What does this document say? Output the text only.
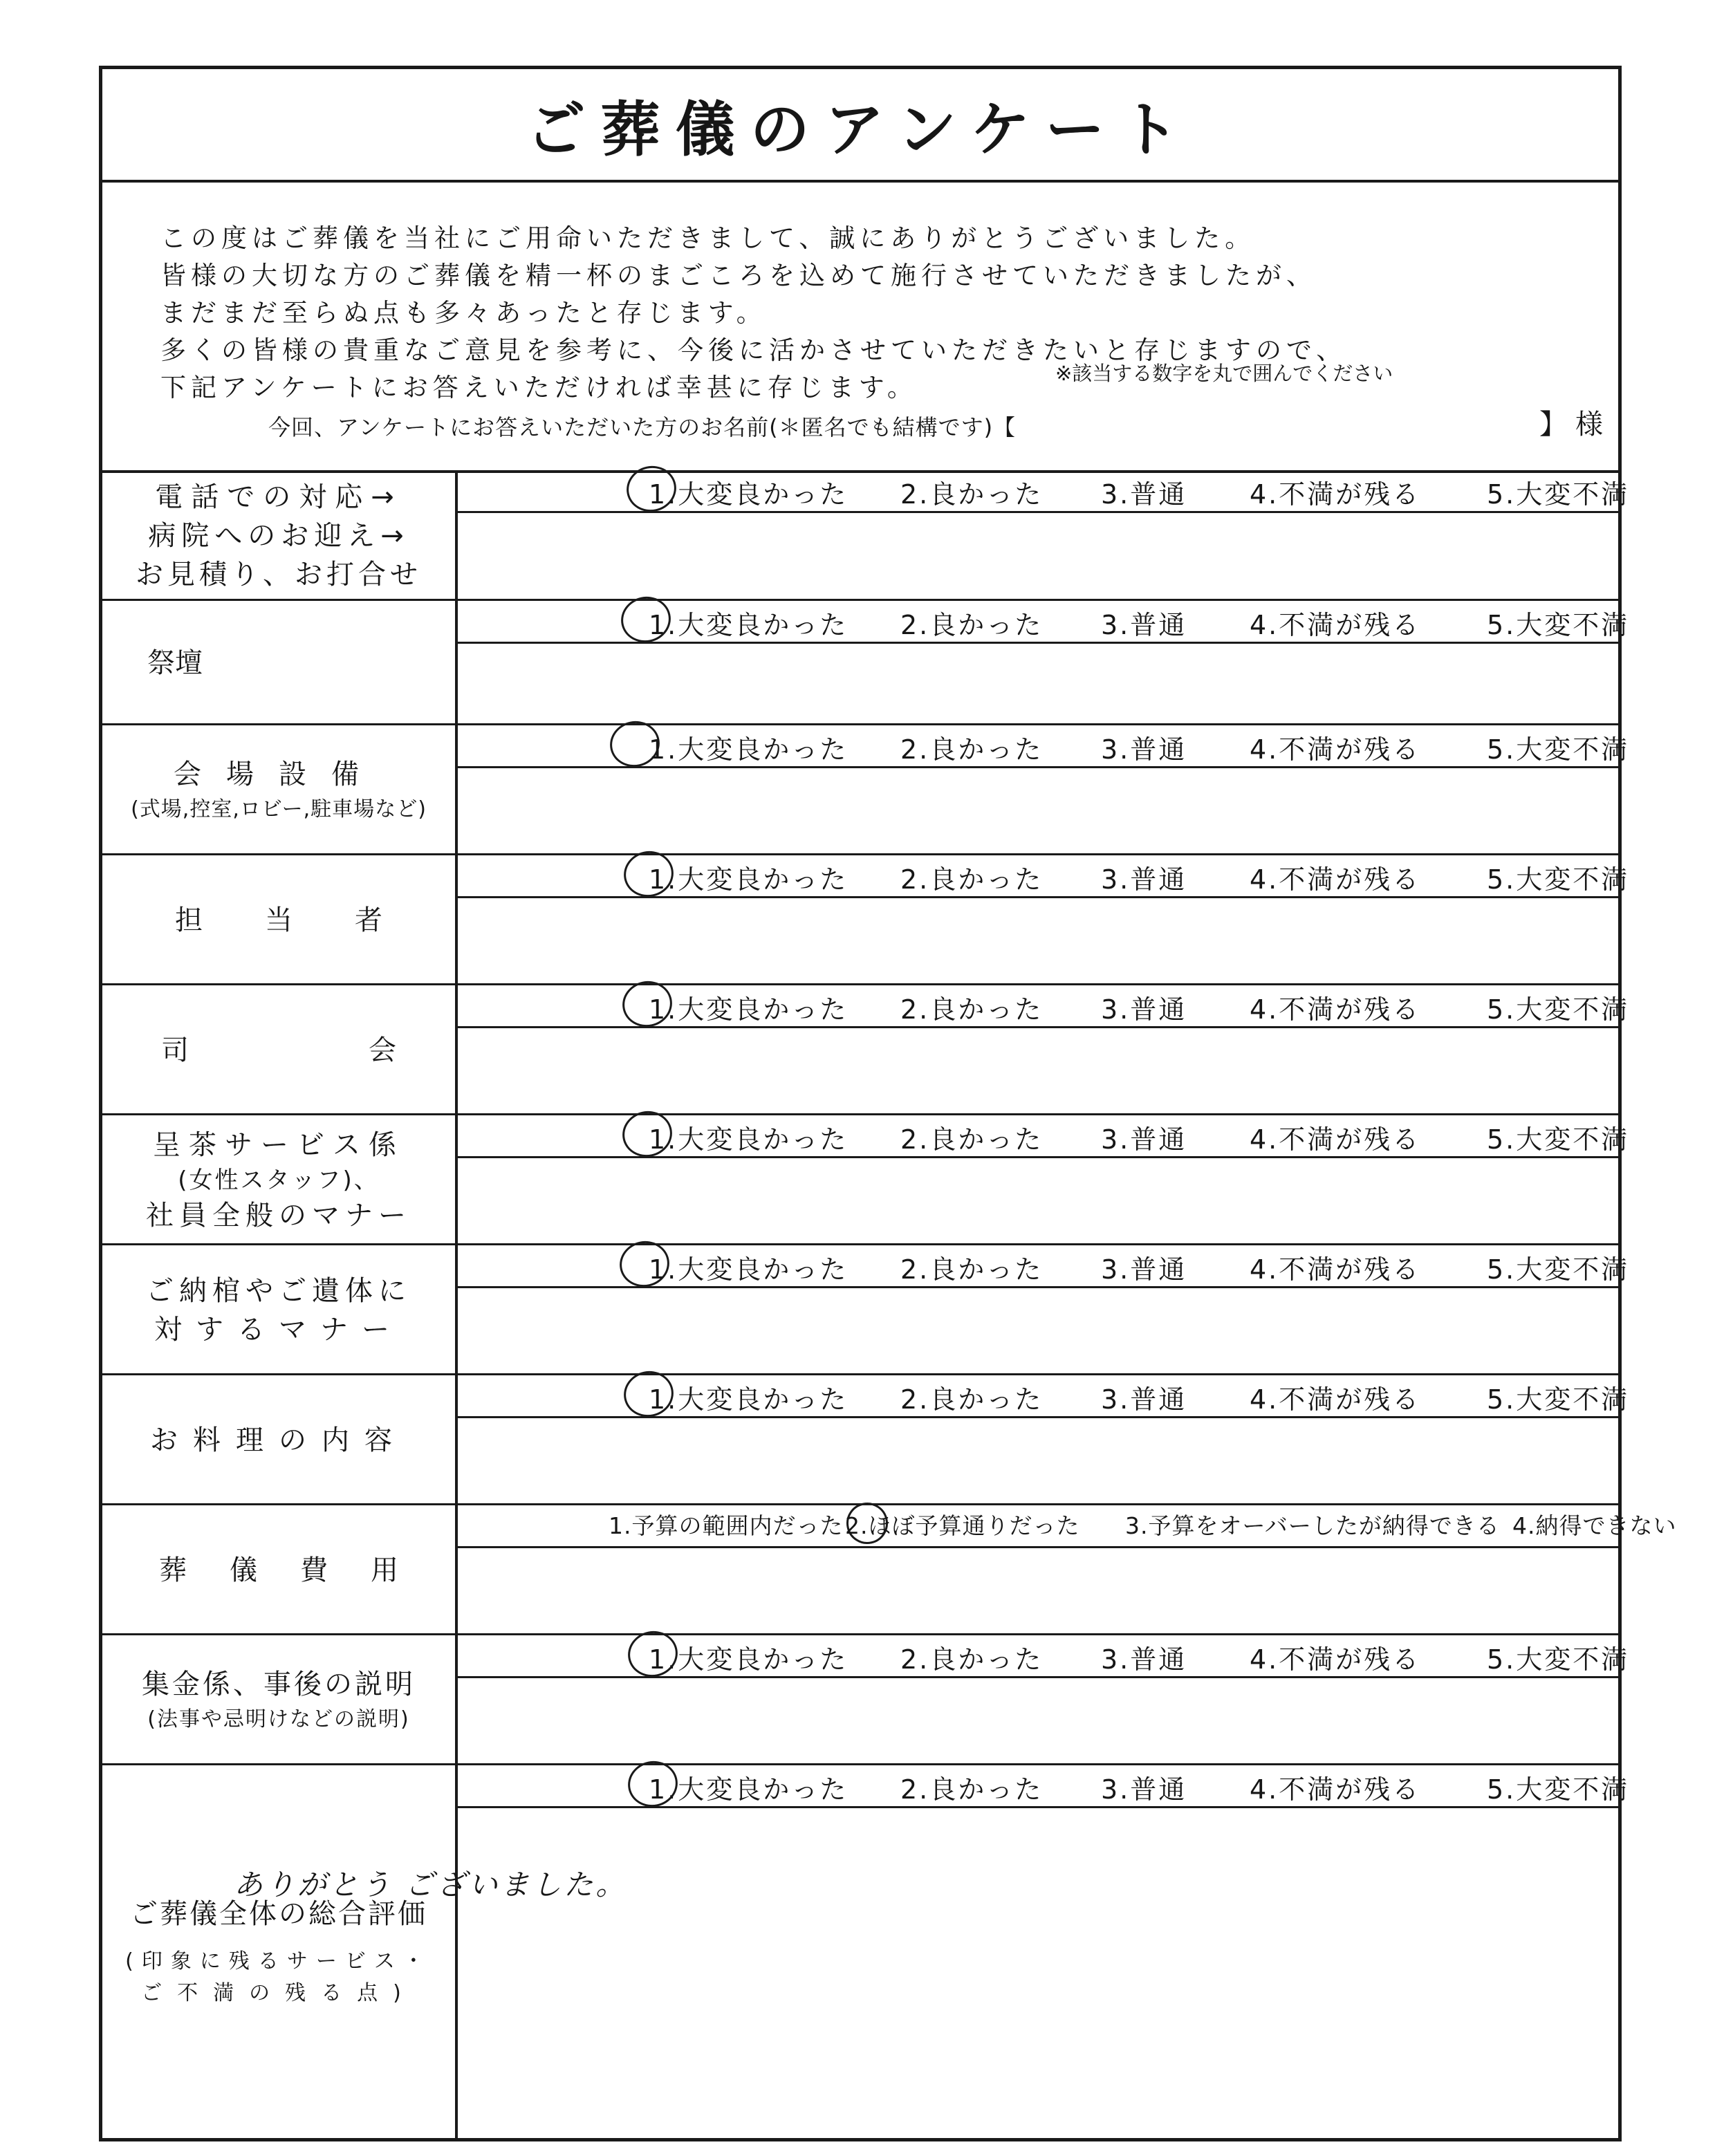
ご葬儀のアンケート
この度はご葬儀を当社にご用命いただきまして、誠にありがとうございました。
皆様の大切な方のご葬儀を精一杯のまごころを込めて施行させていただきましたが、
まだまだ至らぬ点も多々あったと存じます。
多くの皆様の貴重なご意見を参考に、今後に活かさせていただきたいと存じますので、
下記アンケートにお答えいただければ幸甚に存じます。	※該当する数字を丸で囲んでください
今回、アンケートにお答えいただいた方のお名前(＊匿名でも結構です)【	】様
電話での対応→
病院へのお迎え→
お見積り、お打合せ
1.大変良かった 2.良かった 3.普通 4.不満が残る	5.大変不満
祭壇
1.大変良かった 2.良かった 3.普通 4.不満が残る	5.大変不満
会場設備
(式場,控室,ロビー,駐車場など)
1.大変良かった 2.良かった 3.普通 4.不満が残る	5.大変不満
担当者
1.大変良かった 2.良かった 3.普通 4.不満が残る	5.大変不満
司会
1.大変良かった 2.良かった 3.普通 4.不満が残る	5.大変不満
呈茶サービス係
(女性スタッフ)、
社員全般のマナー
1.大変良かった 2.良かった 3.普通 4.不満が残る	5.大変不満
ご納棺やご遺体に
対するマナー
1.大変良かった 2.良かった 3.普通 4.不満が残る	5.大変不満
お料理の内容
1.大変良かった 2.良かった 3.普通 4.不満が残る	5.大変不満
葬儀費用
1.予算の範囲内だった 2.ほぼ予算通りだった 3.予算をオーバーしたが納得できる 4.納得できない
集金係、事後の説明
(法事や忌明けなどの説明)
1.大変良かった 2.良かった 3.普通 4.不満が残る	5.大変不満
ご葬儀全体の総合評価
(印象に残るサービス・
ご不満の残る点)
1.大変良かった 2.良かった 3.普通 4.不満が残る	5.大変不満
ありがとう ございました。
